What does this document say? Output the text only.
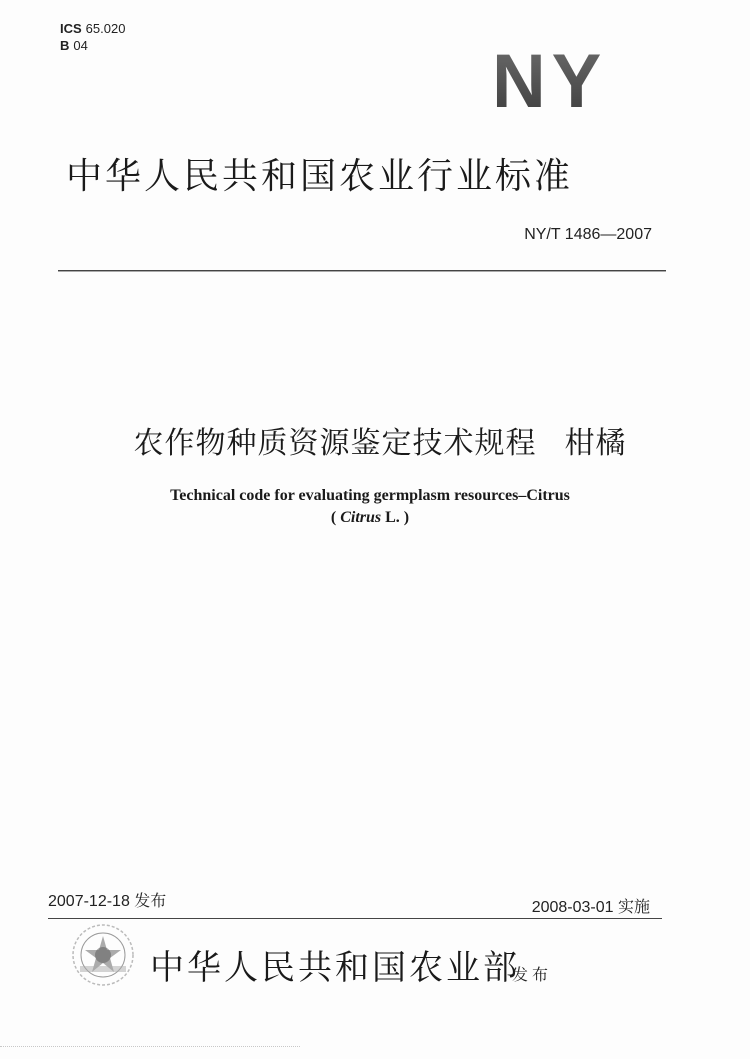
ICS 65.020
B 04	NY
中华人民共和国农业行业标准
NY/T 1486—2007
农作物种质资源鉴定技术规程 柑橘
Technical code for evaluating germplasm resources–Citrus
( Citrus L. )
2007-12-18 发布	2008-03-01 实施
中华人民共和国农业部
发布
